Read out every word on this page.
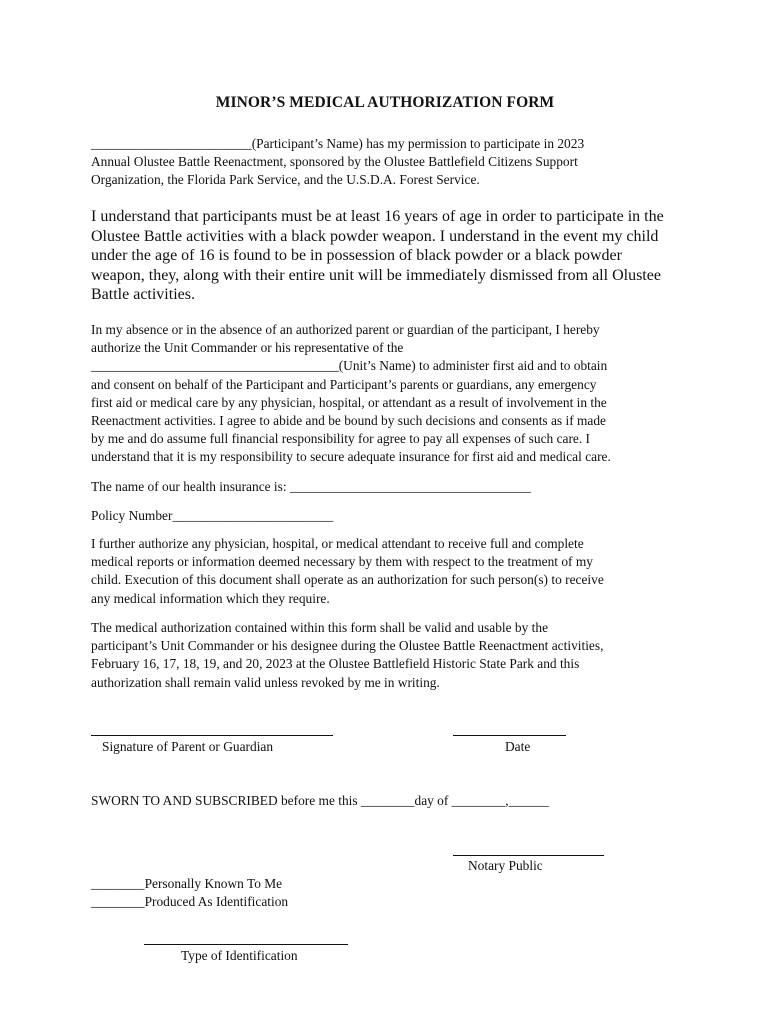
MINOR’S MEDICAL AUTHORIZATION FORM
________________________(Participant’s Name) has my permission to participate in 2023
Annual Olustee Battle Reenactment, sponsored by the Olustee Battlefield Citizens Support
Organization, the Florida Park Service, and the U.S.D.A. Forest Service.
I understand that participants must be at least 16 years of age in order to participate in the
Olustee Battle activities with a black powder weapon. I understand in the event my child
under the age of 16 is found to be in possession of black powder or a black powder
weapon, they, along with their entire unit will be immediately dismissed from all Olustee
Battle activities.
In my absence or in the absence of an authorized parent or guardian of the participant, I hereby
authorize the Unit Commander or his representative of the
_____________________________________(Unit’s Name) to administer first aid and to obtain
and consent on behalf of the Participant and Participant’s parents or guardians, any emergency
first aid or medical care by any physician, hospital, or attendant as a result of involvement in the
Reenactment activities. I agree to abide and be bound by such decisions and consents as if made
by me and do assume full financial responsibility for agree to pay all expenses of such care. I
understand that it is my responsibility to secure adequate insurance for first aid and medical care.
The name of our health insurance is: ____________________________________
Policy Number________________________
I further authorize any physician, hospital, or medical attendant to receive full and complete
medical reports or information deemed necessary by them with respect to the treatment of my
child. Execution of this document shall operate as an authorization for such person(s) to receive
any medical information which they require.
The medical authorization contained within this form shall be valid and usable by the
participant’s Unit Commander or his designee during the Olustee Battle Reenactment activities,
February 16, 17, 18, 19, and 20, 2023 at the Olustee Battlefield Historic State Park and this
authorization shall remain valid unless revoked by me in writing.
Signature of Parent or Guardian	Date
SWORN TO AND SUBSCRIBED before me this ________day of ________,______
Notary Public
________Personally Known To Me
________Produced As Identification
Type of Identification
